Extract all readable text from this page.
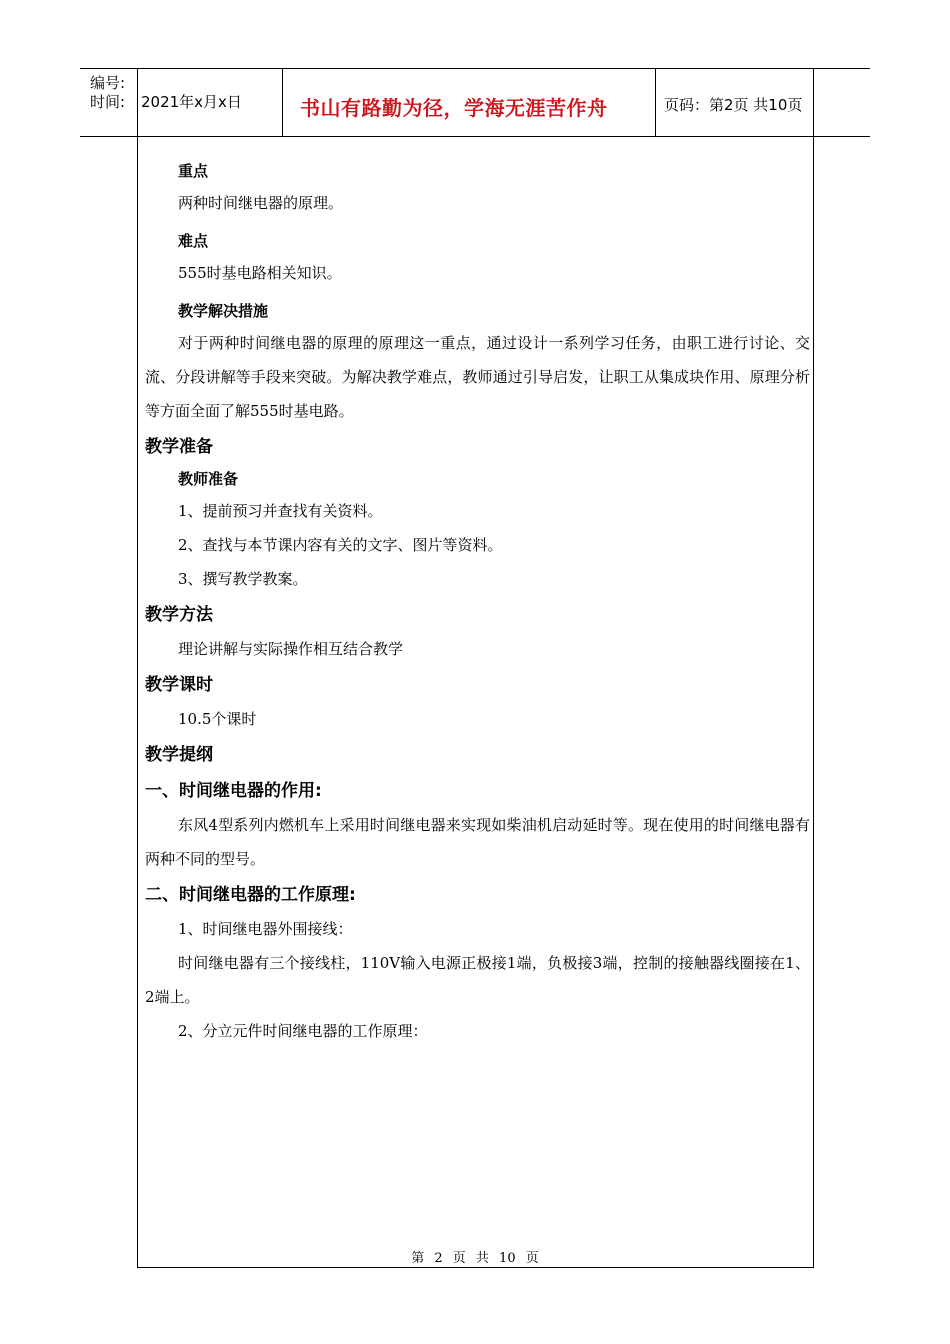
编号:
时间: 2021年x月x日	书山有路勤为径，学海无涯苦作舟	页码：第2页 共10页
重点
两种时间继电器的原理。
难点
555时基电路相关知识。
教学解决措施
对于两种时间继电器的原理的原理这一重点，通过设计一系列学习任务，由职工进行讨论、交流、分段讲解等手段来突破。为解决教学难点，教师通过引导启发，让职工从集成块作用、原理分析等方面全面了解555时基电路。
教学准备
教师准备
1、提前预习并查找有关资料。
2、查找与本节课内容有关的文字、图片等资料。
3、撰写教学教案。
教学方法
理论讲解与实际操作相互结合教学
教学课时
10.5个课时
教学提纲
一、时间继电器的作用:
东风4型系列内燃机车上采用时间继电器来实现如柴油机启动延时等。现在使用的时间继电器有两种不同的型号。
二、时间继电器的工作原理:
1、时间继电器外围接线：
时间继电器有三个接线柱，110V输入电源正极接1端，负极接3端，控制的接触器线圈接在1、2端上。
2、分立元件时间继电器的工作原理：
第 2 页 共 10 页
